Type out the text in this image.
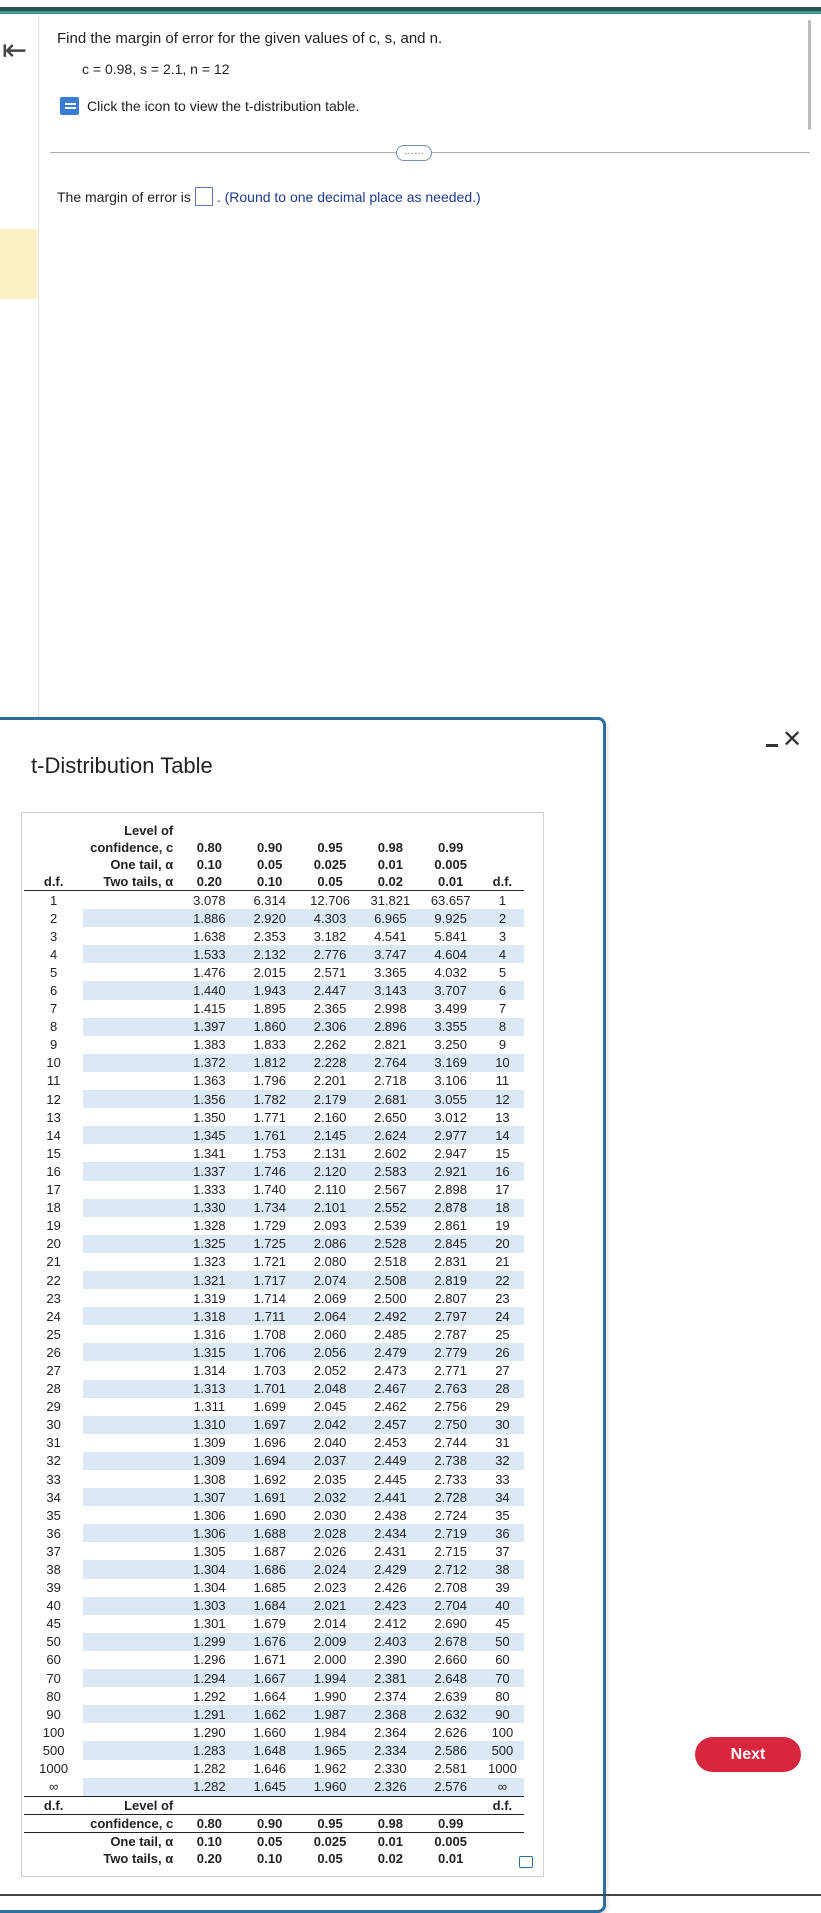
⇤ Find the margin of error for the given values of c, s, and n.
c = 0.98, s = 2.1, n = 12
Click the icon to view the t-distribution table.
……
The margin of error is . (Round to one decimal place as needed.)
t-Distribution Table
✕
	Level of						
	confidence, c	0.80	0.90	0.95	0.98	0.99	
	One tail, α	0.10	0.05	0.025	0.01	0.005	
d.f.	Two tails, α	0.20	0.10	0.05	0.02	0.01	d.f.
1		3.078	6.314	12.706	31.821	63.657	1
2		1.886	2.920	4.303	6.965	9.925	2
3		1.638	2.353	3.182	4.541	5.841	3
4		1.533	2.132	2.776	3.747	4.604	4
5		1.476	2.015	2.571	3.365	4.032	5
6		1.440	1.943	2.447	3.143	3.707	6
7		1.415	1.895	2.365	2.998	3.499	7
8		1.397	1.860	2.306	2.896	3.355	8
9		1.383	1.833	2.262	2.821	3.250	9
10		1.372	1.812	2.228	2.764	3.169	10
11		1.363	1.796	2.201	2.718	3.106	11
12		1.356	1.782	2.179	2.681	3.055	12
13		1.350	1.771	2.160	2.650	3.012	13
14		1.345	1.761	2.145	2.624	2.977	14
15		1.341	1.753	2.131	2.602	2.947	15
16		1.337	1.746	2.120	2.583	2.921	16
17		1.333	1.740	2.110	2.567	2.898	17
18		1.330	1.734	2.101	2.552	2.878	18
19		1.328	1.729	2.093	2.539	2.861	19
20		1.325	1.725	2.086	2.528	2.845	20
21		1.323	1.721	2.080	2.518	2.831	21
22		1.321	1.717	2.074	2.508	2.819	22
23		1.319	1.714	2.069	2.500	2.807	23
24		1.318	1.711	2.064	2.492	2.797	24
25		1.316	1.708	2.060	2.485	2.787	25
26		1.315	1.706	2.056	2.479	2.779	26
27		1.314	1.703	2.052	2.473	2.771	27
28		1.313	1.701	2.048	2.467	2.763	28
29		1.311	1.699	2.045	2.462	2.756	29
30		1.310	1.697	2.042	2.457	2.750	30
31		1.309	1.696	2.040	2.453	2.744	31
32		1.309	1.694	2.037	2.449	2.738	32
33		1.308	1.692	2.035	2.445	2.733	33
34		1.307	1.691	2.032	2.441	2.728	34
35		1.306	1.690	2.030	2.438	2.724	35
36		1.306	1.688	2.028	2.434	2.719	36
37		1.305	1.687	2.026	2.431	2.715	37
38		1.304	1.686	2.024	2.429	2.712	38
39		1.304	1.685	2.023	2.426	2.708	39
40		1.303	1.684	2.021	2.423	2.704	40
45		1.301	1.679	2.014	2.412	2.690	45
50		1.299	1.676	2.009	2.403	2.678	50
60		1.296	1.671	2.000	2.390	2.660	60
70		1.294	1.667	1.994	2.381	2.648	70
80		1.292	1.664	1.990	2.374	2.639	80
90		1.291	1.662	1.987	2.368	2.632	90
100		1.290	1.660	1.984	2.364	2.626	100
500		1.283	1.648	1.965	2.334	2.586	500
1000		1.282	1.646	1.962	2.330	2.581	1000
∞		1.282	1.645	1.960	2.326	2.576	∞
d.f.	Level of						d.f.
	confidence, c	0.80	0.90	0.95	0.98	0.99	
	One tail, α	0.10	0.05	0.025	0.01	0.005	
	Two tails, α	0.20	0.10	0.05	0.02	0.01	
Next
